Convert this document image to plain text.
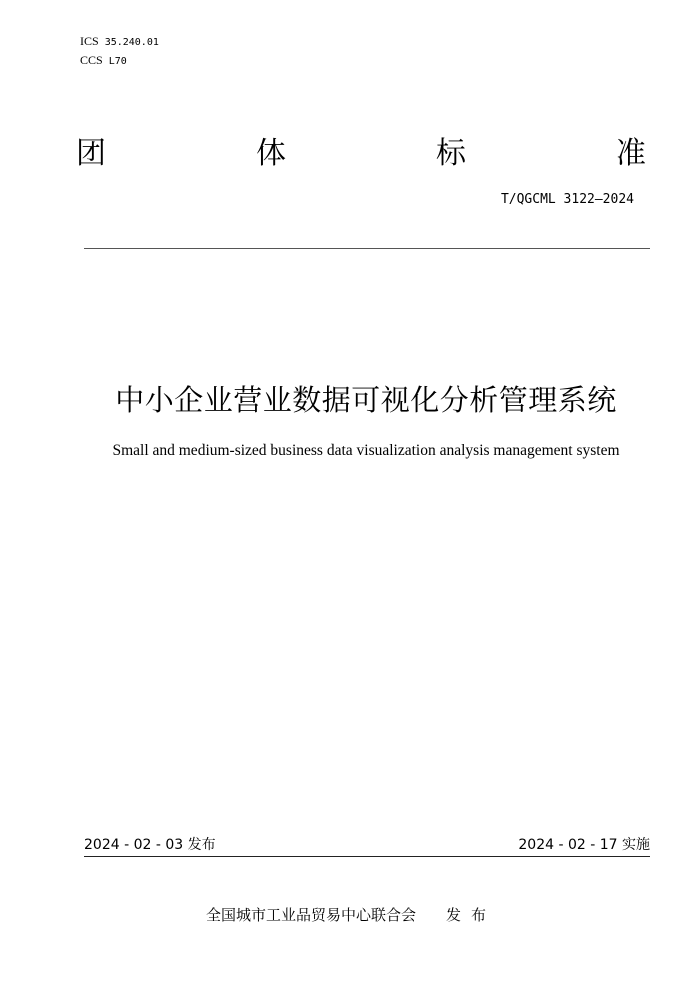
ICS 35.240.01
CCS L70
团	体	标	准
T/QGCML 3122—2024
中小企业营业数据可视化分析管理系统
Small and medium-sized business data visualization analysis management system
2024 - 02 - 03 发布	2024 - 02 - 17 实施
全国城市工业品贸易中心联合会 发布
